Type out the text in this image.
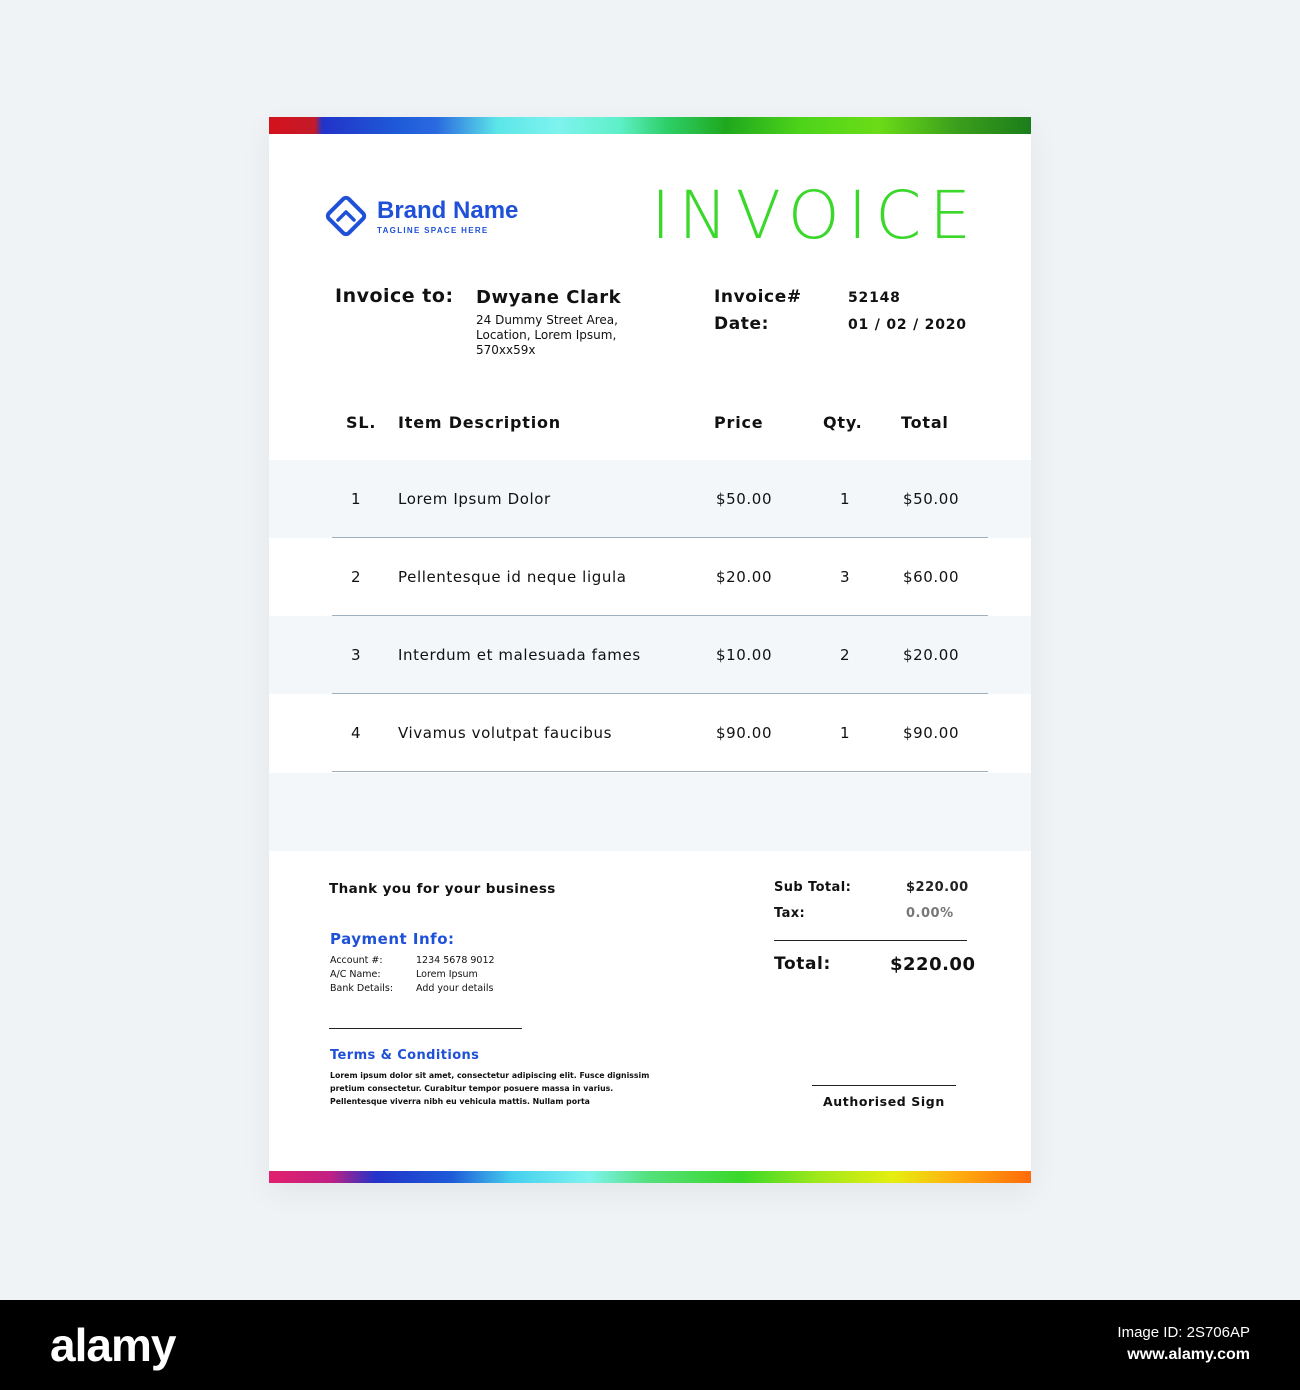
Brand Name
TAGLINE SPACE HERE	INVOICE
Invoice to: Dwyane Clark
24 Dummy Street Area,
Location, Lorem Ipsum,
570xx59x
Invoice#	52148
Date:	01 / 02 / 2020
SL. Item Description	Price	Qty. Total
1 Lorem Ipsum Dolor	$50.00	1	$50.00
2 Pellentesque id neque ligula	$20.00	3	$60.00
3 Interdum et malesuada fames	$10.00	2	$20.00
4 Vivamus volutpat faucibus	$90.00	1	$90.00
Thank you for your business
Payment Info:
Account #:	1234 5678 9012
A/C Name:	Lorem Ipsum
Bank Details: Add your details
Terms & Conditions
Lorem ipsum dolor sit amet, consectetur adipiscing elit. Fusce dignissim pretium consectetur. Curabitur tempor posuere massa in varius. Pellentesque viverra nibh eu vehicula mattis. Nullam porta
Sub Total:	$220.00
Tax:	0.00%
Total:	$220.00
Authorised Sign
alamy	Image ID: 2S706AP
www.alamy.com
